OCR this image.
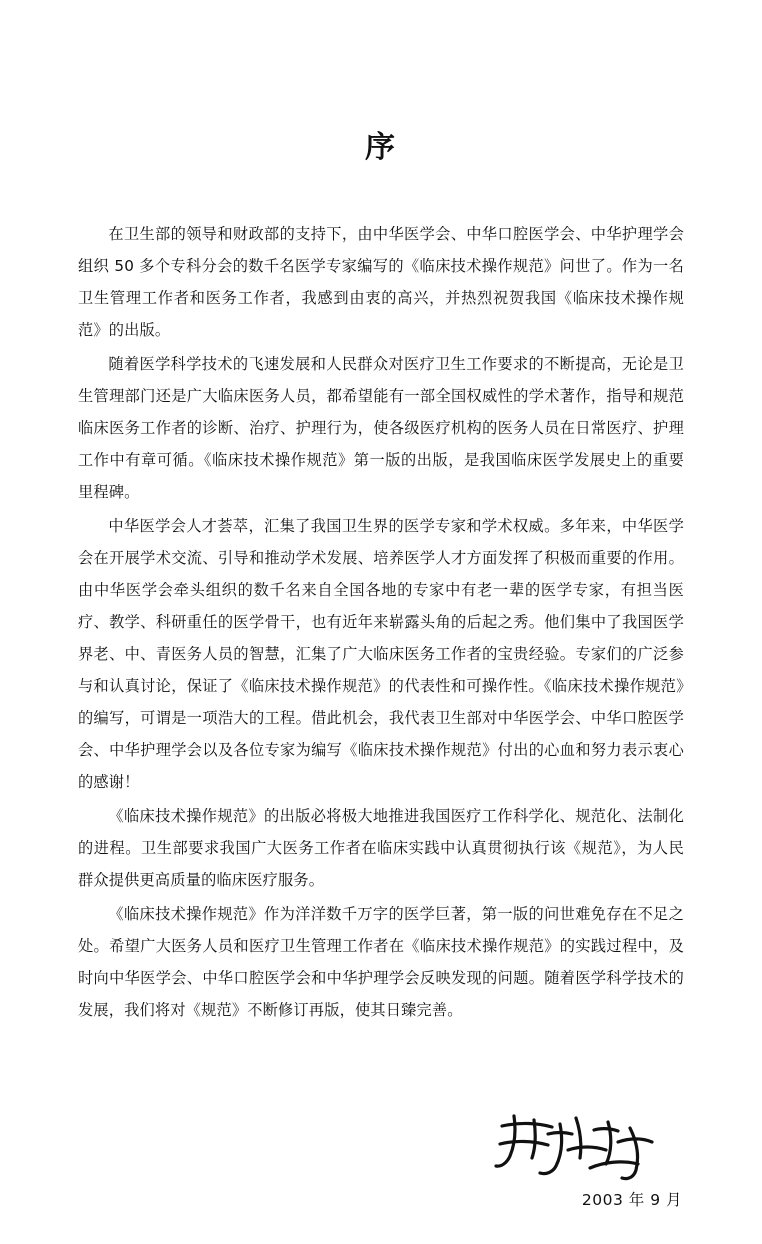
序

在卫生部的领导和财政部的支持下，由中华医学会、中华口腔医学会、中华护理学会组织 50 多个专科分会的数千名医学专家编写的《临床技术操作规范》问世了。作为一名卫生管理工作者和医务工作者，我感到由衷的高兴，并热烈祝贺我国《临床技术操作规范》的出版。

随着医学科学技术的飞速发展和人民群众对医疗卫生工作要求的不断提高，无论是卫生管理部门还是广大临床医务人员，都希望能有一部全国权威性的学术著作，指导和规范临床医务工作者的诊断、治疗、护理行为，使各级医疗机构的医务人员在日常医疗、护理工作中有章可循。《临床技术操作规范》第一版的出版，是我国临床医学发展史上的重要里程碑。

中华医学会人才荟萃，汇集了我国卫生界的医学专家和学术权威。多年来，中华医学会在开展学术交流、引导和推动学术发展、培养医学人才方面发挥了积极而重要的作用。由中华医学会牵头组织的数千名来自全国各地的专家中有老一辈的医学专家，有担当医疗、教学、科研重任的医学骨干，也有近年来崭露头角的后起之秀。他们集中了我国医学界老、中、青医务人员的智慧，汇集了广大临床医务工作者的宝贵经验。专家们的广泛参与和认真讨论，保证了《临床技术操作规范》的代表性和可操作性。《临床技术操作规范》的编写，可谓是一项浩大的工程。借此机会，我代表卫生部对中华医学会、中华口腔医学会、中华护理学会以及各位专家为编写《临床技术操作规范》付出的心血和努力表示衷心的感谢！

《临床技术操作规范》的出版必将极大地推进我国医疗工作科学化、规范化、法制化的进程。卫生部要求我国广大医务工作者在临床实践中认真贯彻执行该《规范》，为人民群众提供更高质量的临床医疗服务。

《临床技术操作规范》作为洋洋数千万字的医学巨著，第一版的问世难免存在不足之处。希望广大医务人员和医疗卫生管理工作者在《临床技术操作规范》的实践过程中，及时向中华医学会、中华口腔医学会和中华护理学会反映发现的问题。随着医学科学技术的发展，我们将对《规范》不断修订再版，使其日臻完善。

2003 年 9 月
